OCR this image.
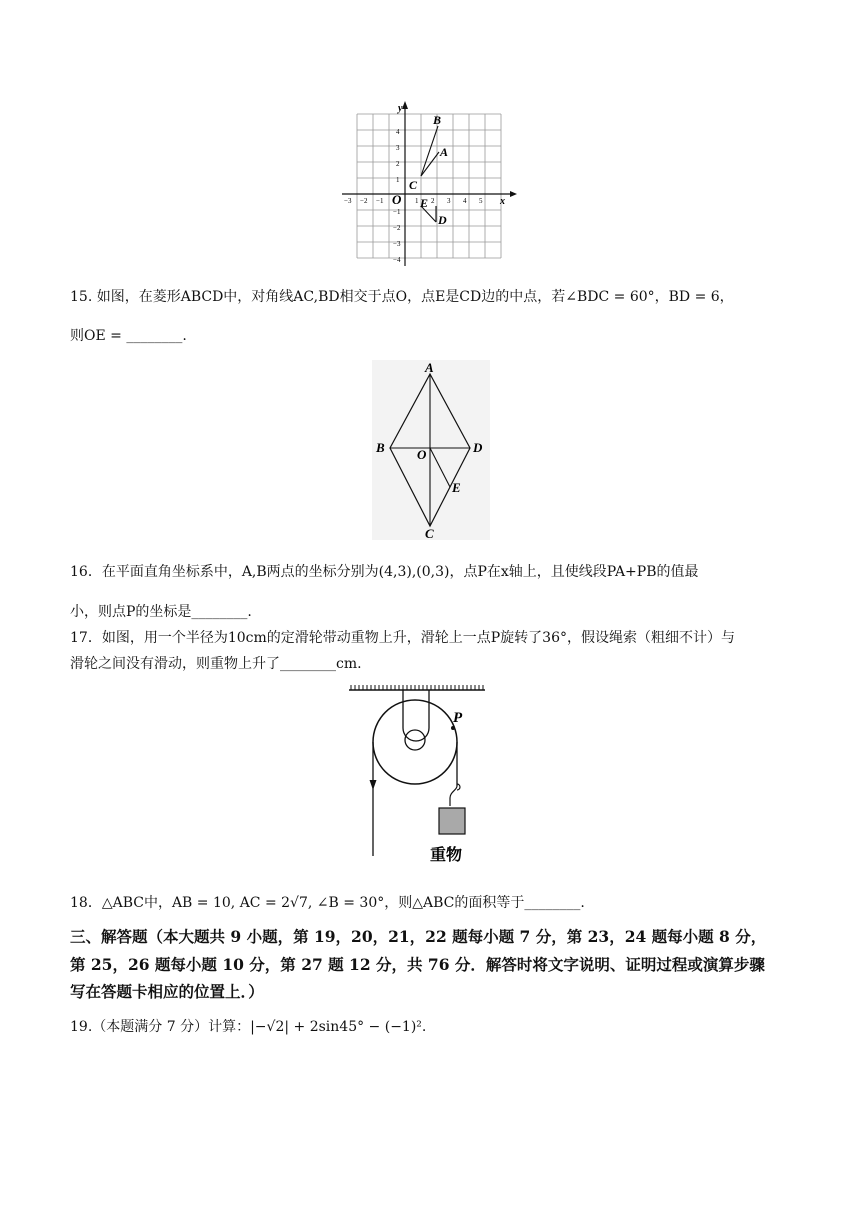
y
x
O
−3 −2 −1	1 2 3 4 5
4
3
2
1
−1
−2
−3
−4
B
A
C
E
D
15. 如图，在菱形ABCD中，对角线AC,BD相交于点O，点E是CD边的中点，若∠BDC = 60°，BD = 6，
则OE = ________.
A
B O	D
E
C
16．在平面直角坐标系中，A,B两点的坐标分别为(4,3),(0,3)，点P在x轴上，且使线段PA+PB的值最
小，则点P的坐标是________.
17．如图，用一个半径为10cm的定滑轮带动重物上升，滑轮上一点P旋转了36°，假设绳索（粗细不计）与
滑轮之间没有滑动，则重物上升了________cm.
P
重物
18．△ABC中，AB = 10, AC = 2√7, ∠B = 30°，则△ABC的面积等于________.
三、解答题（本大题共 9 小题，第 19，20，21，22 题每小题 7 分，第 23，24 题每小题 8 分，
第 25，26 题每小题 10 分，第 27 题 12 分，共 76 分．解答时将文字说明、证明过程或演算步骤
写在答题卡相应的位置上．）
19.（本题满分 7 分）计算：|−√2| + 2sin45° − (−1)².
